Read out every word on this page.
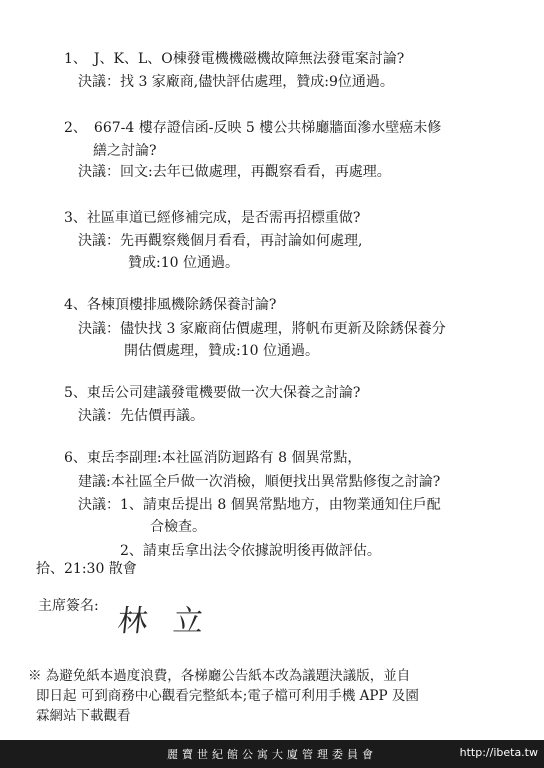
1、　J、K、L、O棟發電機機磁機故障無法發電案討論?
決議：找 3 家廠商,儘快評估處理，贊成:9位通過。
2、　667-4 樓存證信函-反映 5 樓公共梯廳牆面滲水壁癌未修
繕之討論?
決議：回文:去年已做處理，再觀察看看，再處理。
3、社區車道已經修補完成，是否需再招標重做?
決議：先再觀察幾個月看看，再討論如何處理,
贊成:10 位通過。
4、各棟頂樓排風機除銹保養討論?
決議：儘快找 3 家廠商估價處理，將帆布更新及除銹保養分
開估價處理，贊成:10 位通過。
5、東岳公司建議發電機要做一次大保養之討論?
決議：先估價再議。
6、東岳李副理:本社區消防迴路有 8 個異常點，
建議:本社區全戶做一次消檢，順便找出異常點修復之討論?
決議：1、請東岳提出 8 個異常點地方，由物業通知住戶配
合檢查。
2、請東岳拿出法令依據說明後再做評估。
拾、21:30 散會
主席簽名: 林 立
※ 為避免紙本過度浪費，各梯廳公告紙本改為議題決議版，並自
即日起 可到商務中心觀看完整紙本;電子檔可利用手機 APP 及園
霖網站下載觀看
麗寶世紀館公寓大廈管理委員會	http://ibeta.tw
